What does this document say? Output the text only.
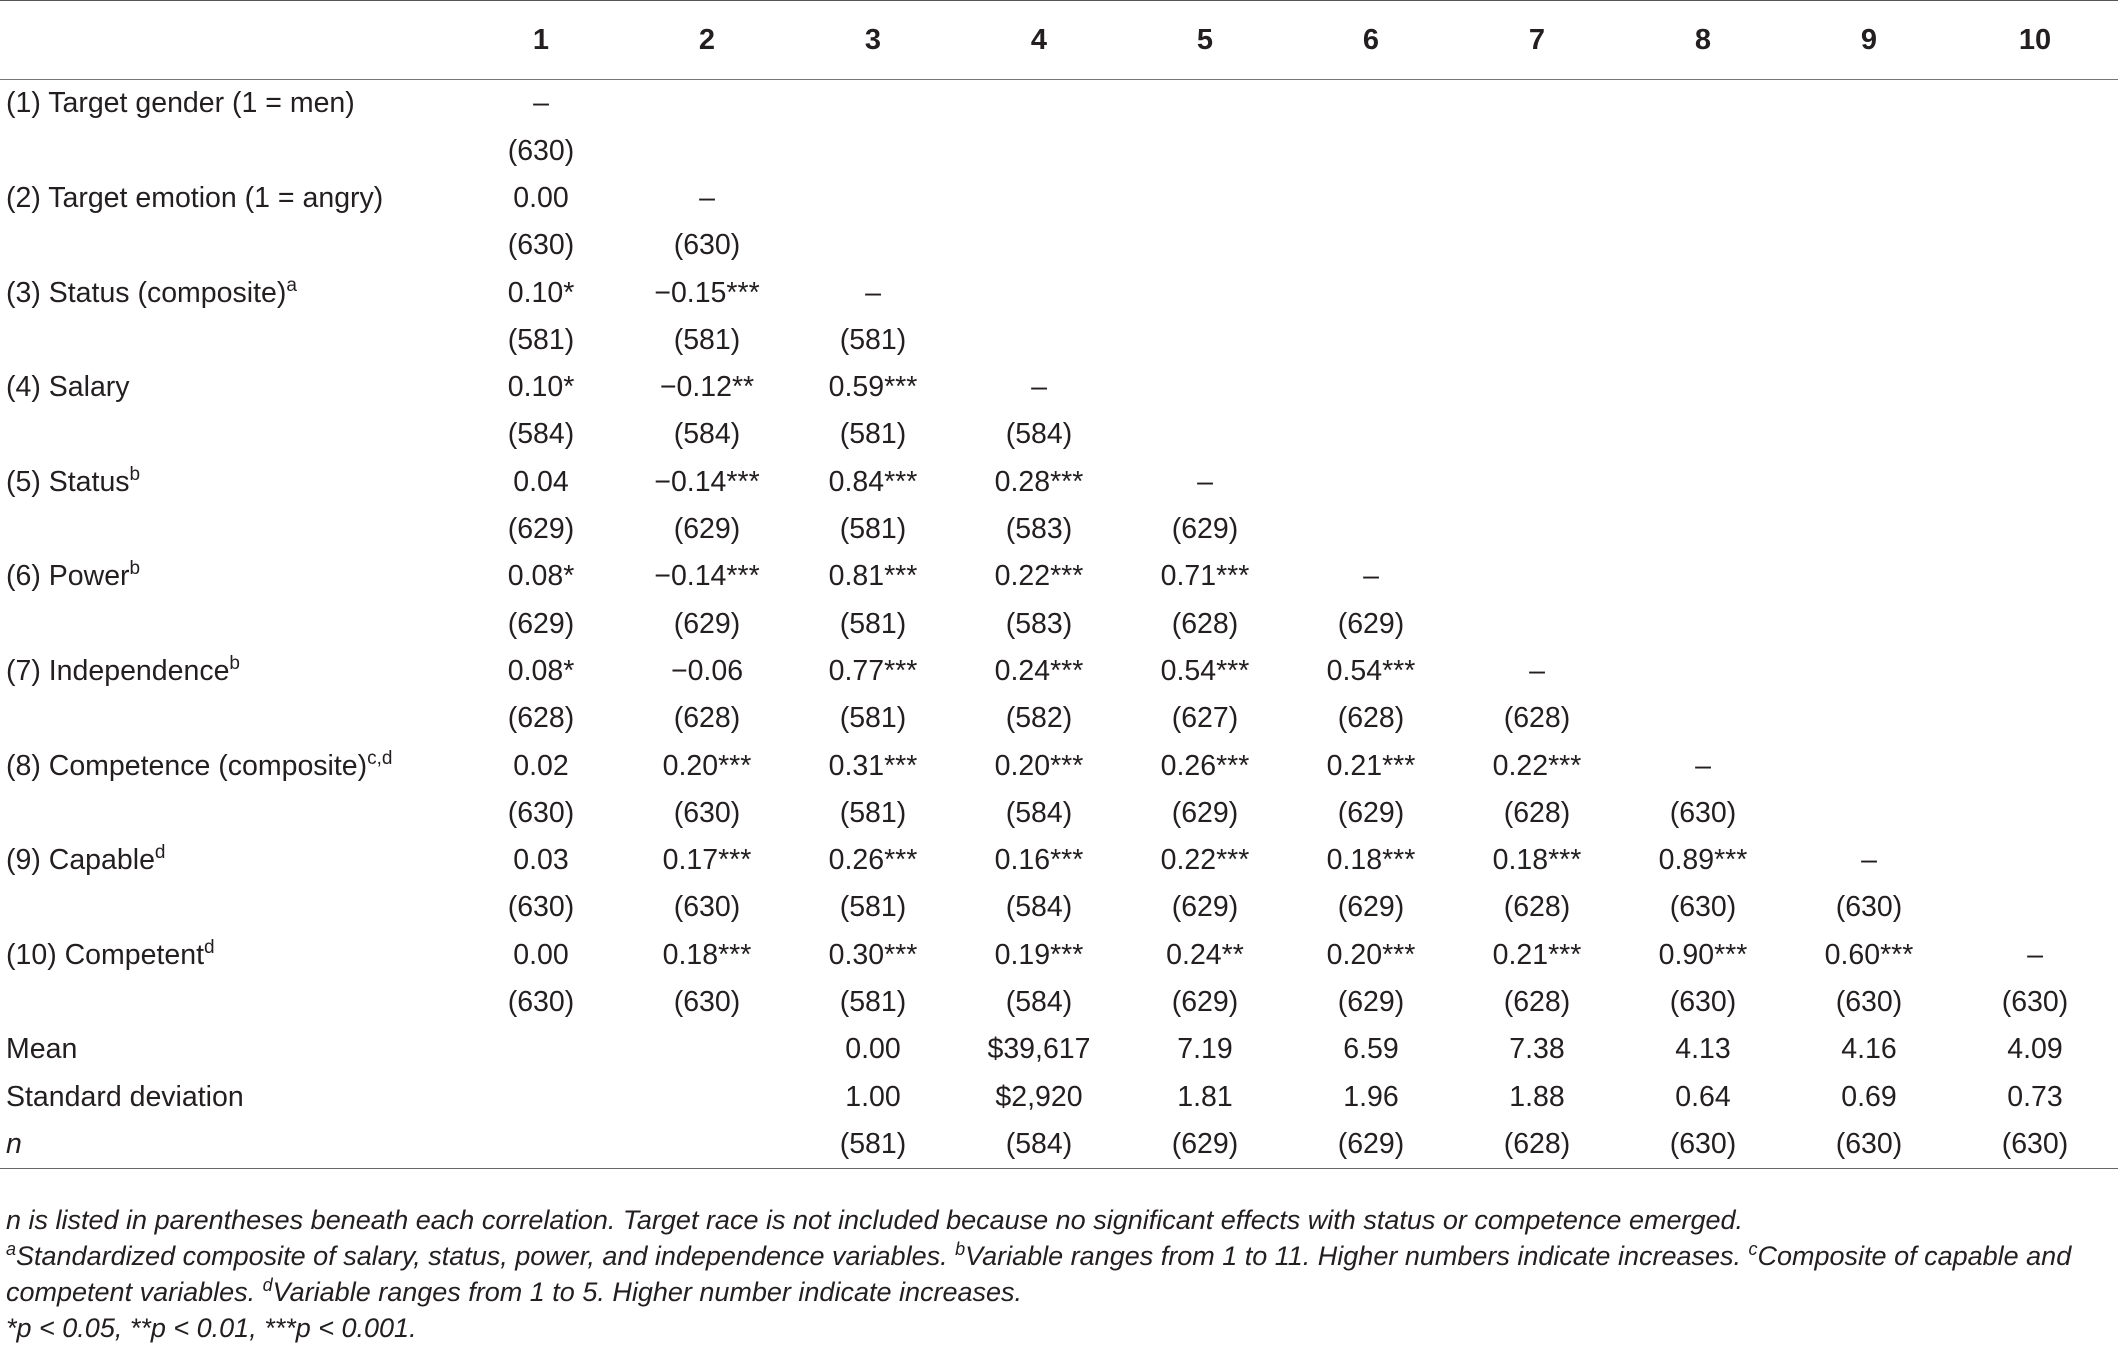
	1	2	3	4	5	6	7	8	9	10
(1) Target gender (1 = men)	–									
	(630)									
(2) Target emotion (1 = angry)	0.00	–								
	(630)	(630)								
(3) Status (composite)$^a$	0.10*	−0.15***	–							
	(581)	(581)	(581)							
(4) Salary	0.10*	−0.12**	0.59***	–						
	(584)	(584)	(581)	(584)						
(5) Status$^b$	0.04	−0.14***	0.84***	0.28***	–					
	(629)	(629)	(581)	(583)	(629)					
(6) Power$^b$	0.08*	−0.14***	0.81***	0.22***	0.71***	–				
	(629)	(629)	(581)	(583)	(628)	(629)				
(7) Independence$^b$	0.08*	−0.06	0.77***	0.24***	0.54***	0.54***	–			
	(628)	(628)	(581)	(582)	(627)	(628)	(628)			
(8) Competence (composite)$^{c,d}$	0.02	0.20***	0.31***	0.20***	0.26***	0.21***	0.22***	–		
	(630)	(630)	(581)	(584)	(629)	(629)	(628)	(630)		
(9) Capable$^d$	0.03	0.17***	0.26***	0.16***	0.22***	0.18***	0.18***	0.89***	–	
	(630)	(630)	(581)	(584)	(629)	(629)	(628)	(630)	(630)	
(10) Competent$^d$	0.00	0.18***	0.30***	0.19***	0.24**	0.20***	0.21***	0.90***	0.60***	–
	(630)	(630)	(581)	(584)	(629)	(629)	(628)	(630)	(630)	(630)
Mean			0.00	$39,617	7.19	6.59	7.38	4.13	4.16	4.09
Standard deviation			1.00	$2,920	1.81	1.96	1.88	0.64	0.69	0.73
n			(581)	(584)	(629)	(629)	(628)	(630)	(630)	(630)

n is listed in parentheses beneath each correlation. Target race is not included because no significant effects with status or competence emerged.

$^a$Standardized composite of salary, status, power, and independence variables. $^b$Variable ranges from 1 to 11. Higher numbers indicate increases. $^c$Composite of capable and competent variables. $^d$Variable ranges from 1 to 5. Higher number indicate increases.

*p < 0.05, **p < 0.01, ***p < 0.001.
